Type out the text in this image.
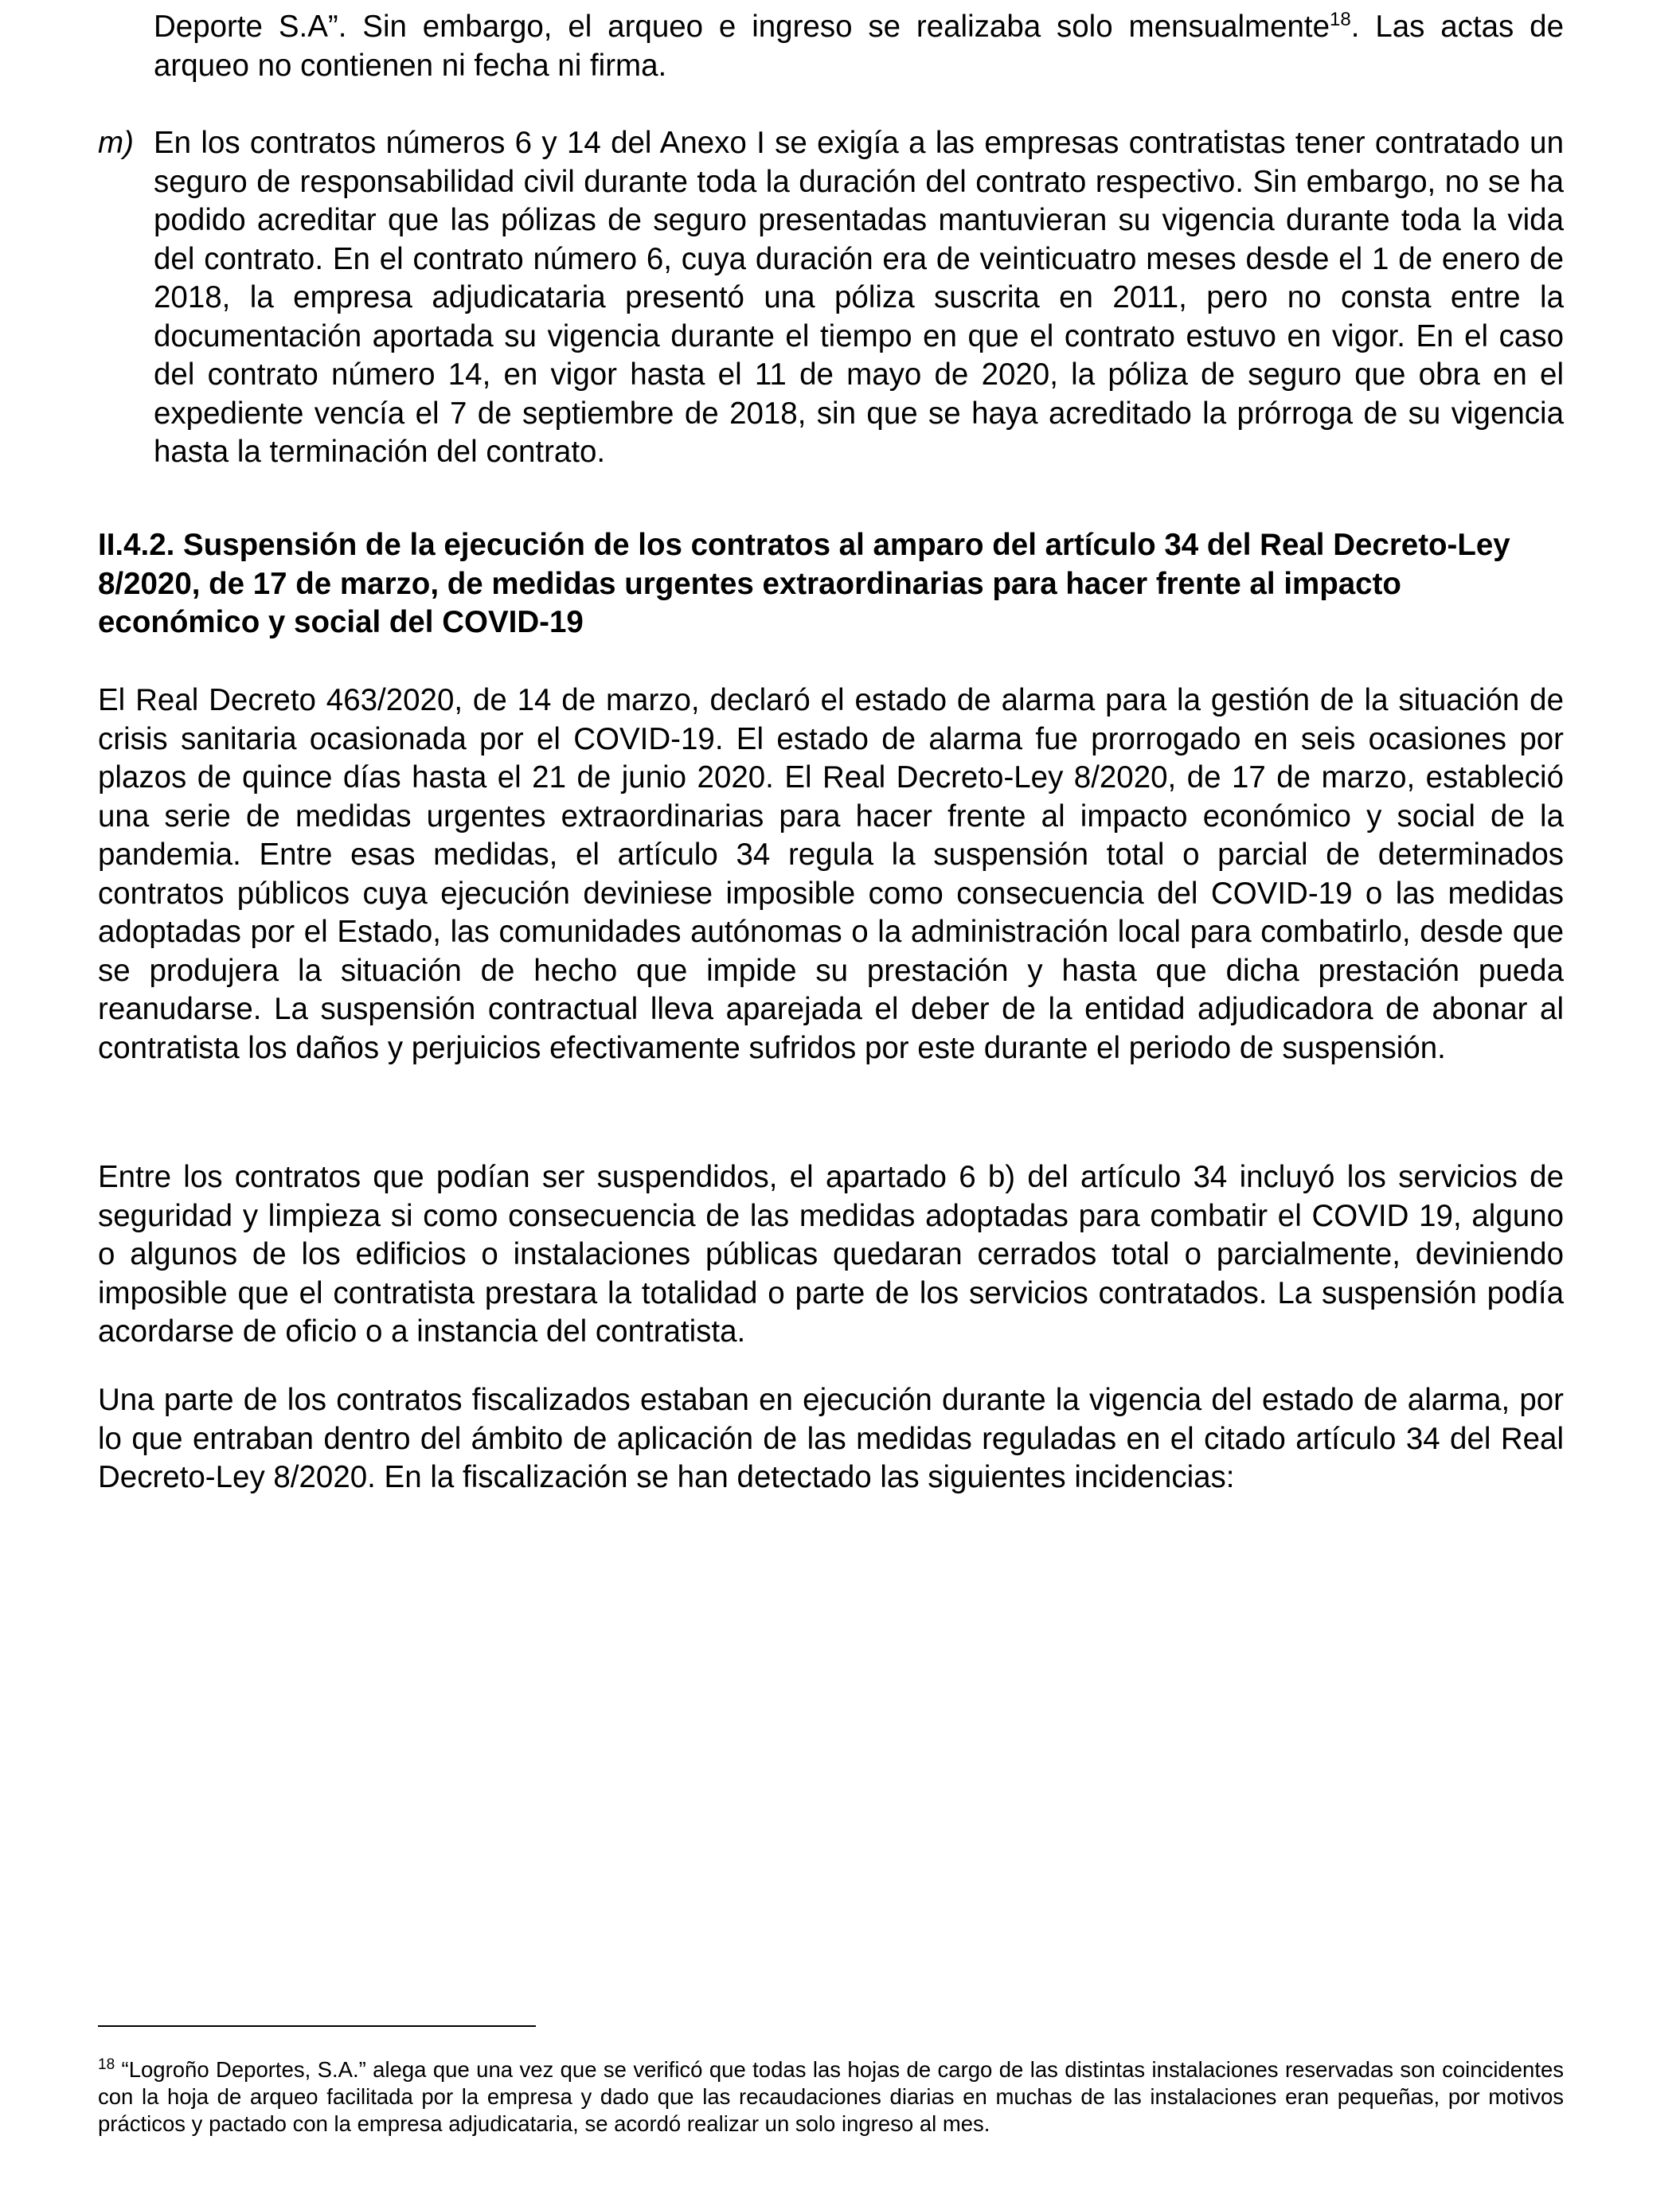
Deporte S.A”. Sin embargo, el arqueo e ingreso se realizaba solo mensualmente$^{18}$. Las actas de arqueo no contienen ni fecha ni firma.

m) En los contratos números 6 y 14 del Anexo I se exigía a las empresas contratistas tener contratado un seguro de responsabilidad civil durante toda la duración del contrato respectivo. Sin embargo, no se ha podido acreditar que las pólizas de seguro presentadas mantuvieran su vigencia durante toda la vida del contrato. En el contrato número 6, cuya duración era de veinticuatro meses desde el 1 de enero de 2018, la empresa adjudicataria presentó una póliza suscrita en 2011, pero no consta entre la documentación aportada su vigencia durante el tiempo en que el contrato estuvo en vigor. En el caso del contrato número 14, en vigor hasta el 11 de mayo de 2020, la póliza de seguro que obra en el expediente vencía el 7 de septiembre de 2018, sin que se haya acreditado la prórroga de su vigencia hasta la terminación del contrato.

II.4.2. Suspensión de la ejecución de los contratos al amparo del artículo 34 del Real Decreto-Ley 8/2020, de 17 de marzo, de medidas urgentes extraordinarias para hacer frente al impacto económico y social del COVID-19

El Real Decreto 463/2020, de 14 de marzo, declaró el estado de alarma para la gestión de la situación de crisis sanitaria ocasionada por el COVID-19. El estado de alarma fue prorrogado en seis ocasiones por plazos de quince días hasta el 21 de junio 2020. El Real Decreto-Ley 8/2020, de 17 de marzo, estableció una serie de medidas urgentes extraordinarias para hacer frente al impacto económico y social de la pandemia. Entre esas medidas, el artículo 34 regula la suspensión total o parcial de determinados contratos públicos cuya ejecución deviniese imposible como consecuencia del COVID-19 o las medidas adoptadas por el Estado, las comunidades autónomas o la administración local para combatirlo, desde que se produjera la situación de hecho que impide su prestación y hasta que dicha prestación pueda reanudarse. La suspensión contractual lleva aparejada el deber de la entidad adjudicadora de abonar al contratista los daños y perjuicios efectivamente sufridos por este durante el periodo de suspensión.

Entre los contratos que podían ser suspendidos, el apartado 6 b) del artículo 34 incluyó los servicios de seguridad y limpieza si como consecuencia de las medidas adoptadas para combatir el COVID 19, alguno o algunos de los edificios o instalaciones públicas quedaran cerrados total o parcialmente, deviniendo imposible que el contratista prestara la totalidad o parte de los servicios contratados. La suspensión podía acordarse de oficio o a instancia del contratista.

Una parte de los contratos fiscalizados estaban en ejecución durante la vigencia del estado de alarma, por lo que entraban dentro del ámbito de aplicación de las medidas reguladas en el citado artículo 34 del Real Decreto-Ley 8/2020. En la fiscalización se han detectado las siguientes incidencias:

$^{18}$ “Logroño Deportes, S.A.” alega que una vez que se verificó que todas las hojas de cargo de las distintas instalaciones reservadas son coincidentes con la hoja de arqueo facilitada por la empresa y dado que las recaudaciones diarias en muchas de las instalaciones eran pequeñas, por motivos prácticos y pactado con la empresa adjudicataria, se acordó realizar un solo ingreso al mes.
